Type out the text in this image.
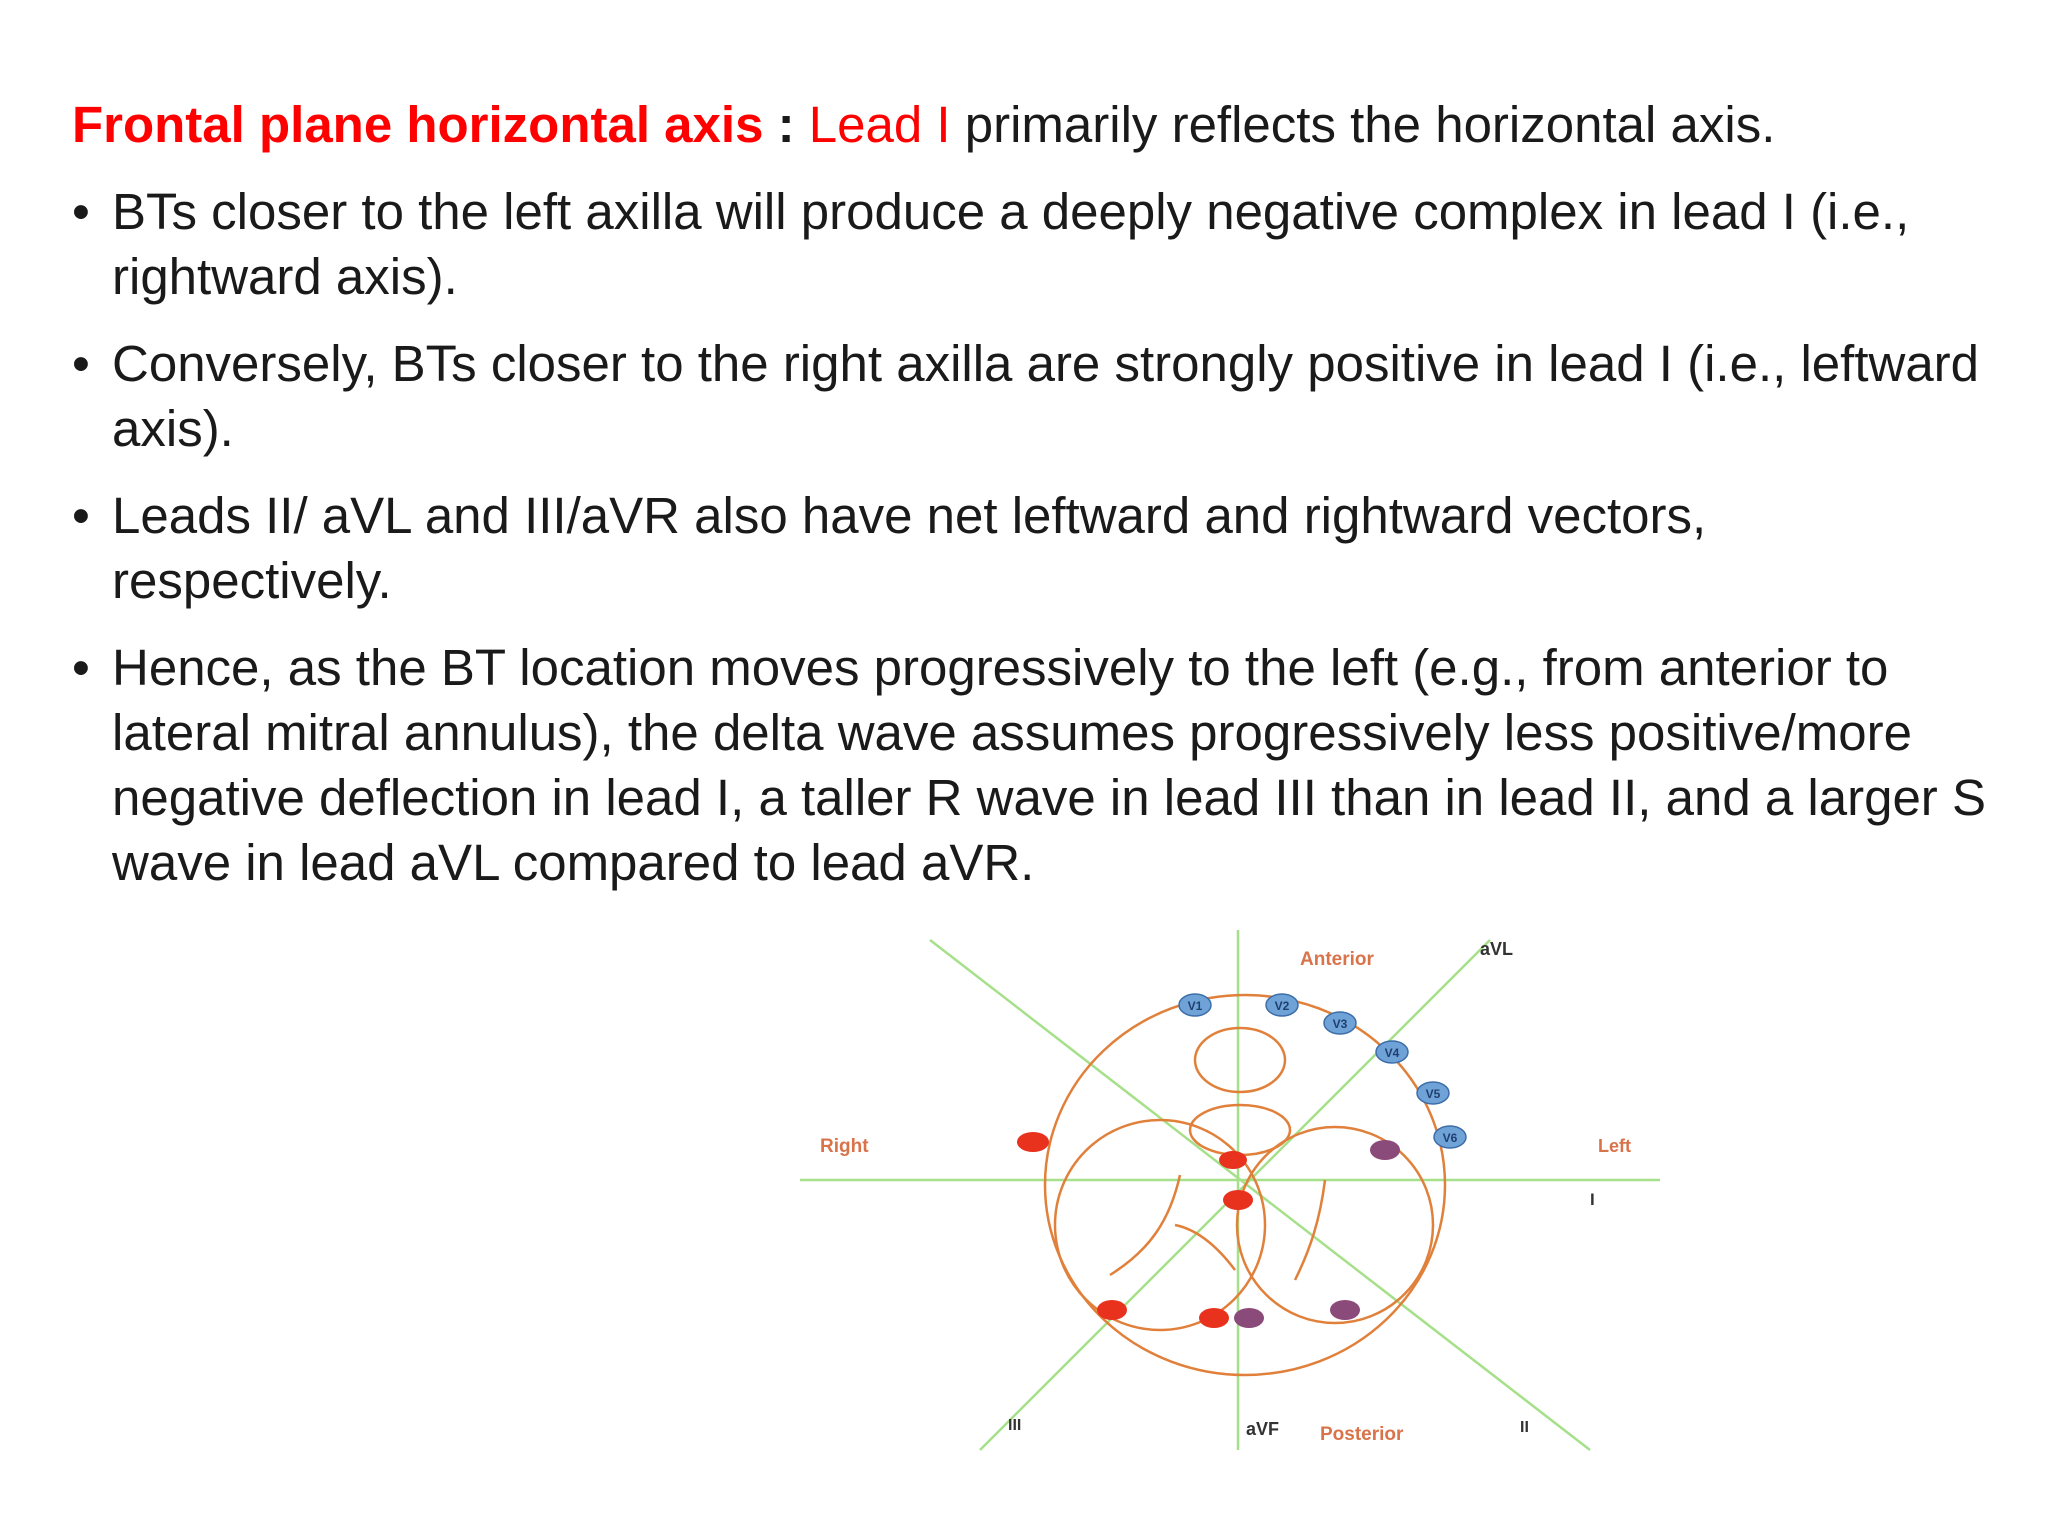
Frontal plane horizontal axis : Lead I primarily reflects the horizontal axis.

• BTs closer to the left axilla will produce a deeply negative complex in lead I (i.e., rightward axis).
• Conversely, BTs closer to the right axilla are strongly positive in lead I (i.e., leftward axis).
• Leads II/ aVL and III/aVR also have net leftward and rightward vectors, respectively.
• Hence, as the BT location moves progressively to the left (e.g., from anterior to lateral mitral annulus), the delta wave assumes progressively less positive/more negative deflection in lead I, a taller R wave in lead III than in lead II, and a larger S wave in lead aVL compared to lead aVR.
Anterior	aVL
Right	Left
I
III	aVF Posterior	II
V1	V2
V3
V4
V5
V6
